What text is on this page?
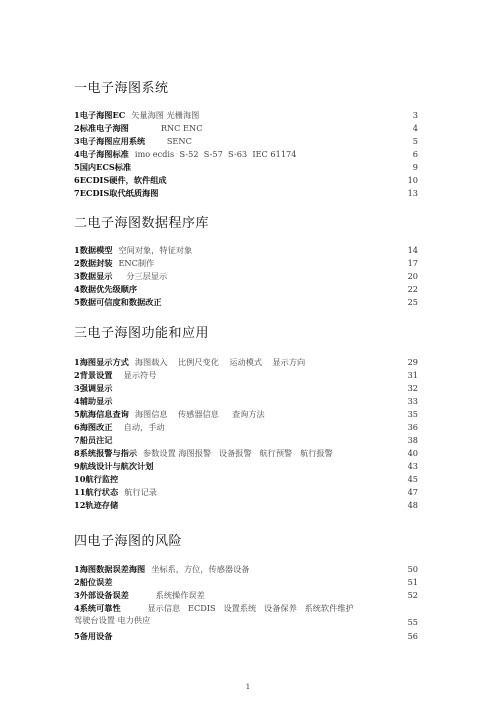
一电子海图系统
1电子海图EC 矢量海图 光栅海图	3
2标准电子海图          RNC ENC	4
3电子海图应用系统      SENC	5
4电子海图标准 imo ecdis  S-52  S-57  S-63  IEC 61174	6
5国内ECS标准	9
6ECDIS硬件，软件组成	10
7ECDIS取代纸质海图	13
二电子海图数据程序库
1数据模型 空间对象，特征对象	14
2数据封装 ENC制作	17
3数据显示   分三层显示	20
4数据优先级顺序	22
5数据可信度和数据改正	25
三电子海图功能和应用
1海图显示方式 海图载入    比例尺变化    运动模式    显示方向	29
2背景设置  显示符号	31
3强调显示	32
4辅助显示	33
5航海信息查询 海图信息    传感器信息     查询方法	35
6海图改正  自动，手动	36
7船员注记	38
8系统报警与指示 参数设置 海图报警   设备报警   航行预警   航行报警	40
9航线设计与航次计划	43
10航行监控	45
11航行状态 航行记录	47
12轨迹存储	48
四电子海图的风险
1海图数据误差海图 坐标系，方位，传感器设备	50
2船位误差	51
3外部设备误差        系统操作误差	52
4系统可靠性        显示信息   ECDIS   设置系统   设备保养   系统软件维护
驾驶台设置 电力供应	55
5备用设备	56
1
